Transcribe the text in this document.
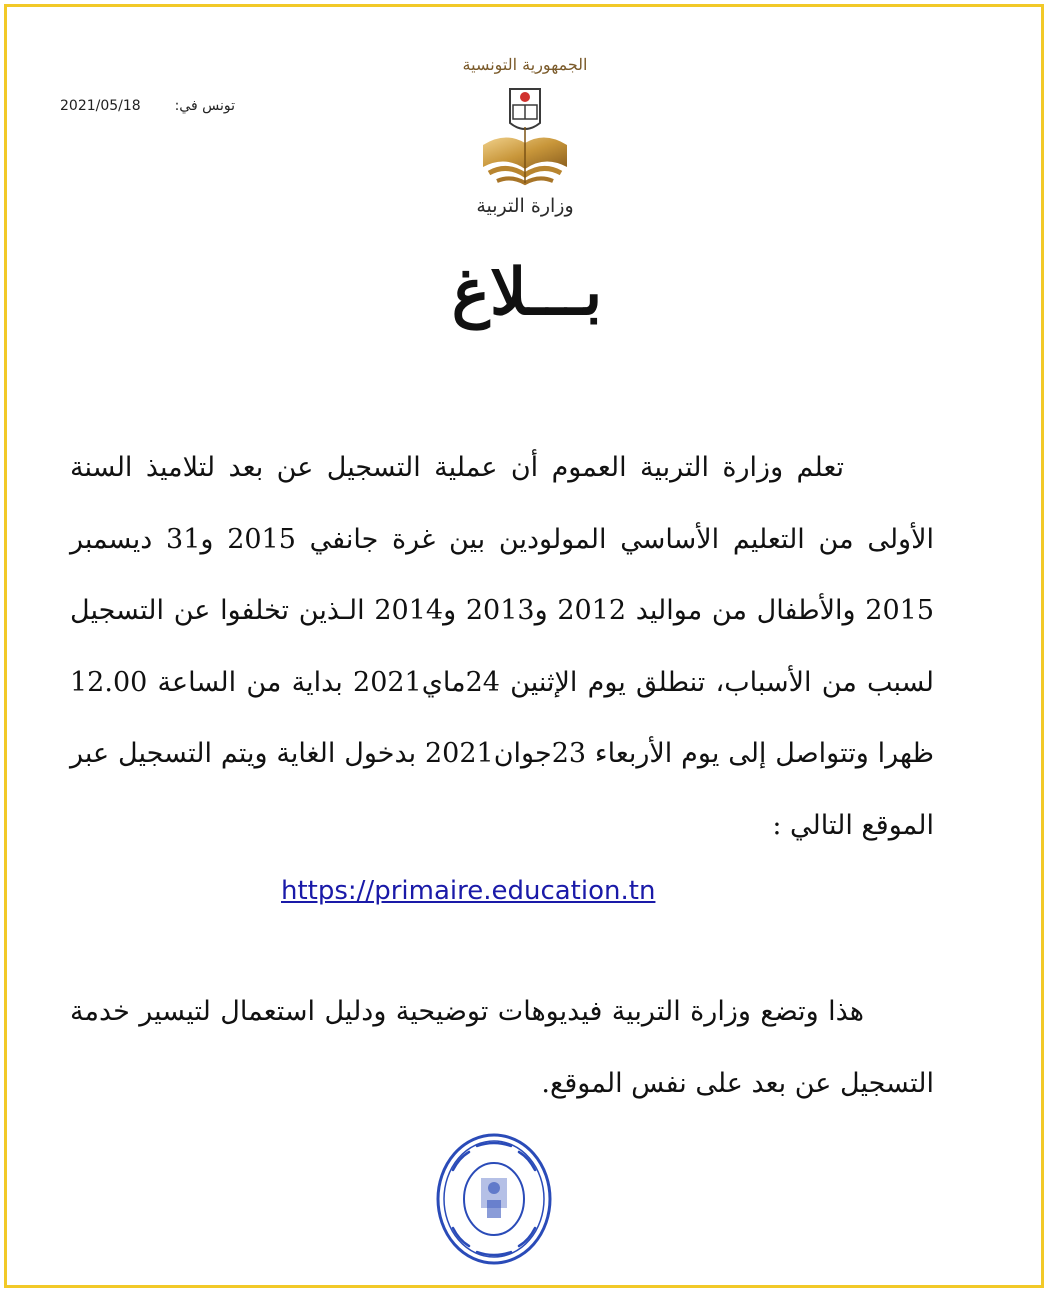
2021/05/18 تونس في:
الجمهورية التونسية
وزارة التربية
بـــلاغ
تعلم وزارة التربية العموم أن عملية التسجيل عن بعد لتلاميذ السنة الأولى من التعليم الأساسي المولودين بين غرة جانفي 2015 و31 ديسمبر 2015 والأطفال من مواليد 2012 و2013 و2014 الـذين تخلفوا عن التسجيل لسبب من الأسباب، تنطلق يوم الإثنين 24ماي2021 بداية من الساعة 12.00 ظهرا وتتواصل إلى يوم الأربعاء 23جوان2021 بدخول الغاية ويتم التسجيل عبر الموقع التالي :
https://primaire.education.tn
هذا وتضع وزارة التربية فيديوهات توضيحية ودليل استعمال لتيسير خدمة التسجيل عن بعد على نفس الموقع.
